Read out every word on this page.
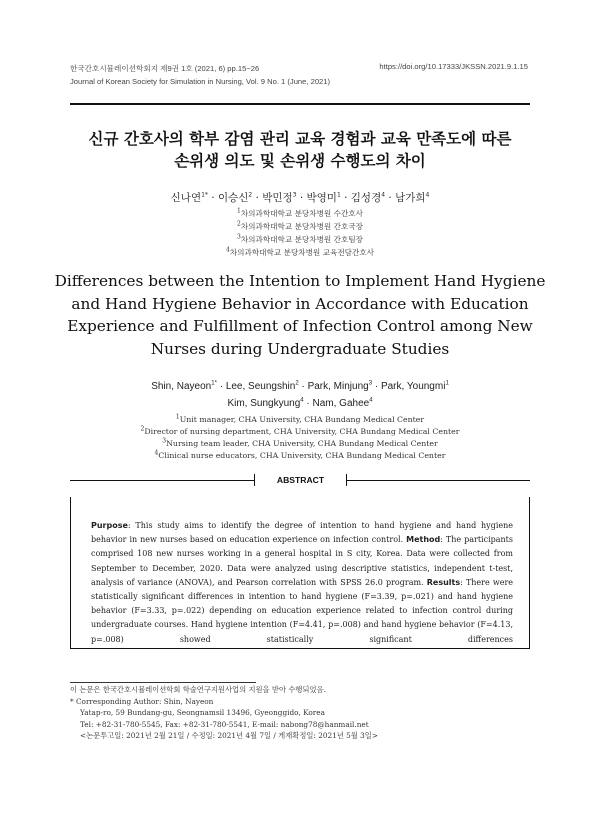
한국간호시뮬레이션학회지 제9권 1호 (2021, 6) pp.15~26
Journal of Korean Society for Simulation in Nursing, Vol. 9 No. 1 (June, 2021)
https://doi.org/10.17333/JKSSN.2021.9.1.15
신규 간호사의 학부 감염 관리 교육 경험과 교육 만족도에 따른
손위생 의도 및 손위생 수행도의 차이
신나연$^{1*}$ · 이승신$^2$ · 박민정$^3$ · 박영미$^1$ · 김성경$^4$ · 남가희$^4$
$^1$차의과학대학교 분당차병원 수간호사
$^2$차의과학대학교 분당차병원 간호국장
$^3$차의과학대학교 분당차병원 간호팀장
$^4$차의과학대학교 분당차병원 교육전담간호사
Differences between the Intention to Implement Hand Hygiene
and Hand Hygiene Behavior in Accordance with Education
Experience and Fulfillment of Infection Control among New
Nurses during Undergraduate Studies
Shin, Nayeon$^{1*}$ · Lee, Seungshin$^2$ · Park, Minjung$^3$ · Park, Youngmi$^1$
Kim, Sungkyung$^4$ · Nam, Gahee$^4$
$^1$Unit manager, CHA University, CHA Bundang Medical Center
$^2$Director of nursing department, CHA University, CHA Bundang Medical Center
$^3$Nursing team leader, CHA University, CHA Bundang Medical Center
$^4$Clinical nurse educators, CHA University, CHA Bundang Medical Center
ABSTRACT
Purpose: This study aims to identify the degree of intention to hand hygiene and hand hygiene behavior in new nurses based on education experience on infection control. Method: The participants comprised 108 new nurses working in a general hospital in S city, Korea. Data were collected from September to December, 2020. Data were analyzed using descriptive statistics, independent t-test, analysis of variance (ANOVA), and Pearson correlation with SPSS 26.0 program. Results: There were statistically significant differences in intention to hand hygiene (F=3.39, p=.021) and hand hygiene behavior (F=3.33, p=.022) depending on education experience related to infection control during undergraduate courses. Hand hygiene intention (F=4.41, p=.008) and hand hygiene behavior (F=4.13, p=.008) showed statistically significant differences
이 논문은 한국간호시뮬레이션학회 학술연구지원사업의 지원을 받아 수행되었음.
* Corresponding Author: Shin, Nayeon
Yatap-ro, 59 Bundang-gu, Seongnamsil 13496, Gyeonggido, Korea
Tel: +82-31-780-5545, Fax: +82-31-780-5541, E-mail: nabong78@hanmail.net
<논문투고일: 2021년 2월 21일 / 수정일: 2021년 4월 7일 / 게재확정일: 2021년 5월 3일>
